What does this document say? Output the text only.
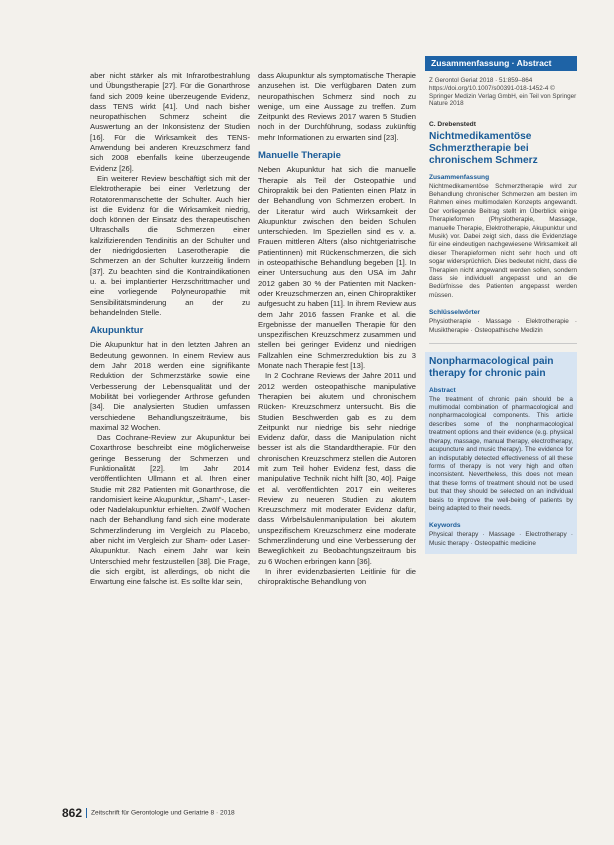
aber nicht stärker als mit Infrarotbestrahlung und Übungstherapie [27]. Für die Gonarthrose fand sich 2009 keine überzeugende Evidenz, dass TENS wirkt [41]. Und nach bisher neuropathischen Schmerz scheint die Auswertung an der Inkonsistenz der Studien [16]. Für die Wirksamkeit des TENS-Anwendung bei anderen Kreuzschmerz fand sich 2008 ebenfalls keine überzeugende Evidenz [26].

Ein weiterer Review beschäftigt sich mit der Elektrotherapie bei einer Verletzung der Rotatorenmanschette der Schulter. Auch hier ist die Evidenz für die Wirksamkeit niedrig, doch können der Einsatz des therapeutischen Ultraschalls die Schmerzen einer kalzifizierenden Tendinitis an der Schulter und der niedrigdosierten Laserotherapie die Schmerzen an der Schulter kurzzeitig lindern [37]. Zu beachten sind die Kontraindikationen u. a. bei implantierter Herzschrittmacher und eine vorliegende Polyneuropathie mit Sensibilitätsminderung an der zu behandelnden Stelle.

Akupunktur

Die Akupunktur hat in den letzten Jahren an Bedeutung gewonnen. In einem Review aus dem Jahr 2018 werden eine signifikante Reduktion der Schmerzstärke sowie eine Verbesserung der Lebensqualität und der Mobilität bei vorliegender Arthrose gefunden [34]. Die analysierten Studien umfassen verschiedene Behandlungszeiträume, bis maximal 32 Wochen.

Das Cochrane-Review zur Akupunktur bei Coxarthrose beschreibt eine möglicherweise geringe Besserung der Schmerzen und Funktionalität [22]. Im Jahr 2014 veröffentlichten Ullmann et al. Ihren einer Studie mit 282 Patienten mit Gonarthrose, die randomisiert keine Akupunktur, „Sham“-, Laser- oder Nadelakupunktur erhielten. Zwölf Wochen nach der Behandlung fand sich eine moderate Schmerzlinderung im Vergleich zu Placebo, aber nicht im Vergleich zur Sham- oder Laser-Akupunktur. Nach einem Jahr war kein Unterschied mehr festzustellen [38]. Die Frage, die sich ergibt, ist allerdings, ob nicht die Erwartung eine falsche ist. Es sollte klar sein,

dass Akupunktur als symptomatische Therapie anzusehen ist. Die verfügbaren Daten zum neuropathischen Schmerz sind noch zu wenige, um eine Aussage zu treffen. Zum Zeitpunkt des Reviews 2017 waren 5 Studien noch in der Durchführung, sodass zukünftig mehr Informationen zu erwarten sind [23].

Manuelle Therapie

Neben Akupunktur hat sich die manuelle Therapie als Teil der Osteopathie und Chiropraktik bei den Patienten einen Platz in der Behandlung von Schmerzen erobert. In der Literatur wird auch Wirksamkeit der Akupunktur zwischen den beiden Schulen unterschieden. Im Speziellen sind es v. a. Frauen mittleren Alters (also nichtgeriatrische Patientinnen) mit Rückenschmerzen, die sich in osteopathische Behandlung begeben [1]. In einer Untersuchung aus den USA im Jahr 2012 gaben 30 % der Patienten mit Nacken- oder Kreuzschmerzen an, einen Chiropraktiker aufgesucht zu haben [11]. In ihrem Review aus dem Jahr 2016 fassen Franke et al. die Ergebnisse der manuellen Therapie für den unspezifischen Kreuzschmerz zusammen und stellen bei geringer Evidenz und niedrigen Fallzahlen eine Schmerzreduktion bis zu 3 Monate nach Therapie fest [13].

In 2 Cochrane Reviews der Jahre 2011 und 2012 werden osteopathische manipulative Therapien bei akutem und chronischem Rücken- Kreuzschmerz untersucht. Bis die Studien Beschwerden gab es zu dem Zeitpunkt nur niedrige bis sehr niedrige Evidenz dafür, dass die Manipulation nicht besser ist als die Standardtherapie. Für den chronischen Kreuzschmerz stellen die Autoren mit zum Teil hoher Evidenz fest, dass die manipulative Technik nicht hilft [30, 40]. Paige et al. veröffentlichten 2017 ein weiteres Review zu neueren Studien zu akutem Kreuzschmerz mit moderater Evidenz dafür, dass Wirbelsäulenmanipulation bei akutem unspezifischem Kreuzschmerz eine moderate Schmerzlinderung und eine Verbesserung der Beweglichkeit zu Beobachtungszeitraum bis zu 6 Wochen erbringen kann [36].

In ihrer evidenzbasierten Leitlinie für die chiropraktische Behandlung von

Zusammenfassung · Abstract
Z Gerontol Geriat 2018 · 51:859–864 https://doi.org/10.1007/s00391-018-1452-4 © Springer Medizin Verlag GmbH, ein Teil von Springer Nature 2018
C. Drebenstedt
Nichtmedikamentöse Schmerztherapie bei chronischem Schmerz
Zusammenfassung
Nichtmedikamentöse Schmerztherapie wird zur Behandlung chronischer Schmerzen am besten im Rahmen eines multimodalen Konzepts angewandt. Der vorliegende Beitrag stellt im Überblick einige Therapieformen (Physiotherapie, Massage, manuelle Therapie, Elektrotherapie, Akupunktur und Musik) vor. Dabei zeigt sich, dass die Evidenzlage für eine eindeutigen nachgewiesene Wirksamkeit all dieser Therapieformen nicht sehr hoch und oft sogar widersprüchlich. Dies bedeutet nicht, dass die Therapien nicht angewandt werden sollen, sondern dass sie individuell angepasst und an die Bedürfnisse des Patienten angepasst werden müssen.
Schlüsselwörter
Physiotherapie · Massage · Elektrotherapie · Musiktherapie · Osteopathische Medizin
Nonpharmacological pain therapy for chronic pain
Abstract
The treatment of chronic pain should be a multimodal combination of pharmacological and nonpharmacological components. This article describes some of the nonpharmacological treatment options and their evidence (e.g. physical therapy, massage, manual therapy, electrotherapy, acupuncture and music therapy). The evidence for an indisputably detected effectiveness of all these forms of therapy is not very high and often inconsistent. Nevertheless, this does not mean that these forms of treatment should not be used but that they should be selected on an individual basis to improve the well-being of patients by being adapted to their needs.
Keywords
Physical therapy · Massage · Electrotherapy · Music therapy · Osteopathic medicine
862 Zeitschrift für Gerontologie und Geriatrie 8 · 2018
